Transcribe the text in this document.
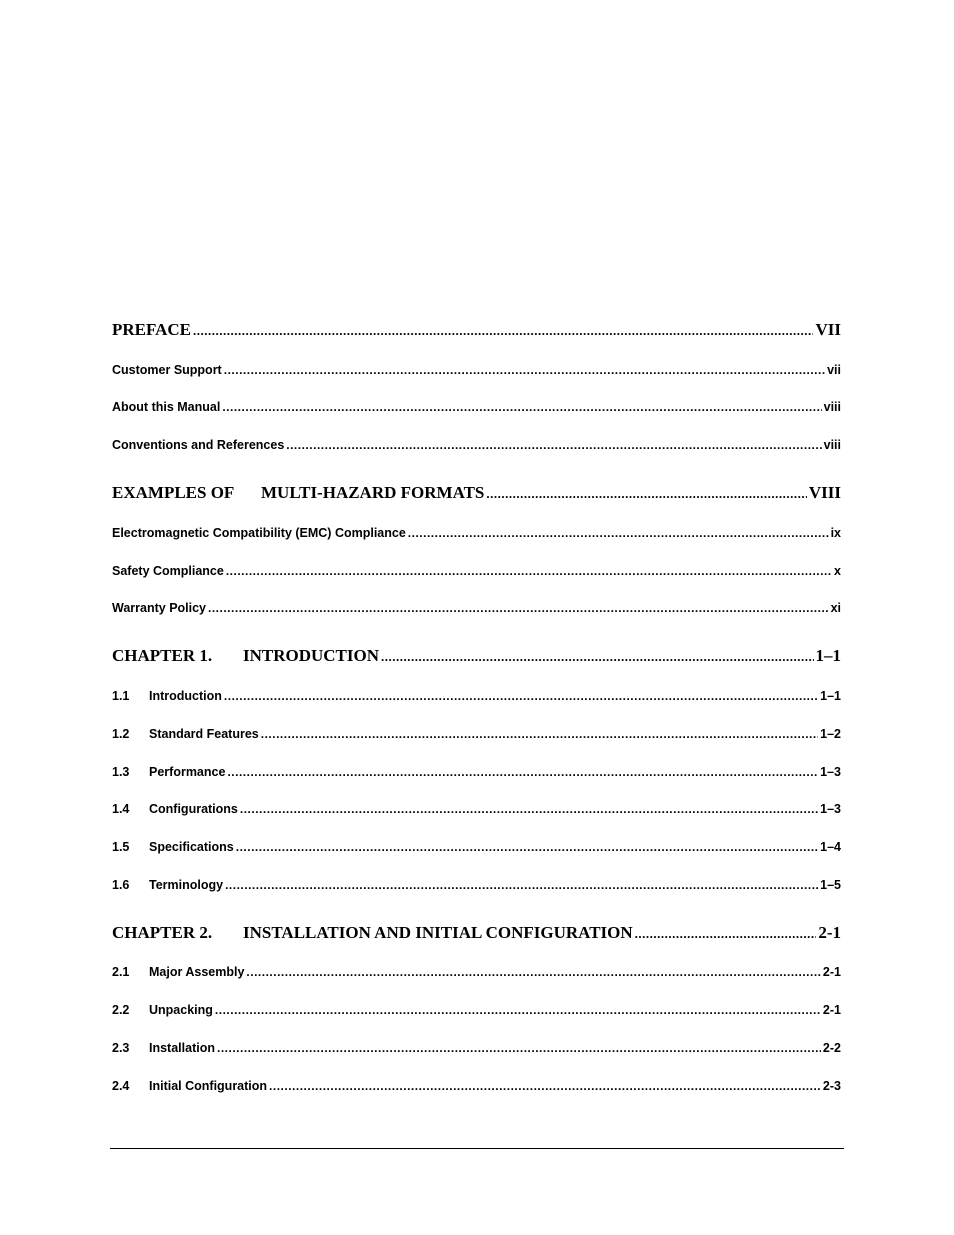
PREFACE .....	VII
Customer Support .....	vii
About this Manual .....	viii
Conventions and References .....	viii
EXAMPLES OF	MULTI-HAZARD FORMATS .....	VIII
Electromagnetic Compatibility (EMC) Compliance .....	ix
Safety Compliance .....	x
Warranty Policy .....	xi
CHAPTER 1.	INTRODUCTION .....	1–1
1.1	Introduction .....	1–1
1.2	Standard Features .....	1–2
1.3	Performance .....	1–3
1.4	Configurations .....	1–3
1.5	Specifications .....	1–4
1.6	Terminology .....	1–5
CHAPTER 2.	INSTALLATION AND INITIAL CONFIGURATION .....	2-1
2.1	Major Assembly .....	2-1
2.2	Unpacking .....	2-1
2.3	Installation .....	2-2
2.4	Initial Configuration .....	2-3
